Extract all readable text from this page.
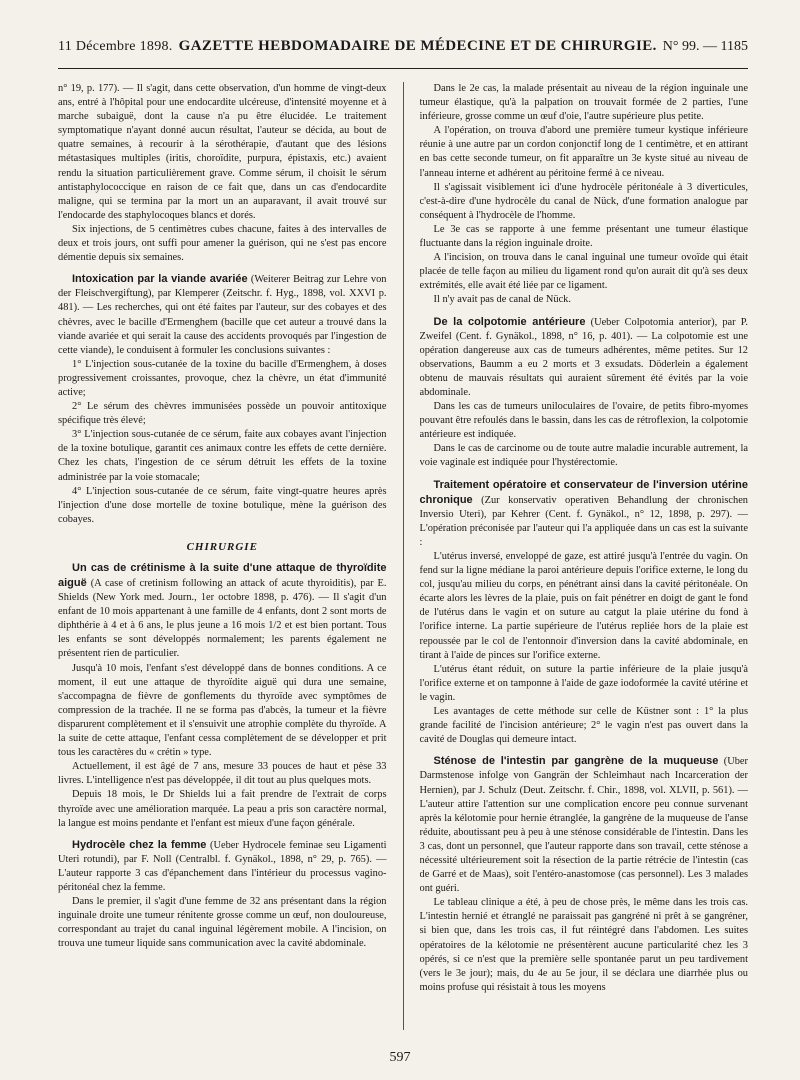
11 Décembre 1898. GAZETTE HEBDOMADAIRE DE MÉDECINE ET DE CHIRURGIE. N° 99. — 1185

n° 19, p. 177). — Il s'agit, dans cette observation, d'un homme de vingt-deux ans, entré à l'hôpital pour une endocardite ulcéreuse, d'intensité moyenne et à marche subaiguë, dont la cause n'a pu être élucidée. Le traitement symptomatique n'ayant donné aucun résultat, l'auteur se décida, au bout de quatre semaines, à recourir à la sérothérapie, d'autant que des lésions métastasiques multiples (iritis, choroïdite, purpura, épistaxis, etc.) avaient rendu la situation particulièrement grave. Comme sérum, il choisit le sérum antistaphylococcique en raison de ce fait que, dans un cas d'endocardite maligne, qui se termina par la mort un an auparavant, il avait trouvé sur l'endocarde des staphylocoques blancs et dorés.

Six injections, de 5 centimètres cubes chacune, faites à des intervalles de deux et trois jours, ont suffi pour amener la guérison, qui ne s'est pas encore démentie depuis six semaines.

Intoxication par la viande avariée (Weiterer Beitrag zur Lehre von der Fleischvergiftung), par Klemperer (Zeitschr. f. Hyg., 1898, vol. XXVI p. 481). — Les recherches, qui ont été faites par l'auteur, sur des cobayes et des chèvres, avec le bacille d'Ermenghem (bacille que cet auteur a trouvé dans la viande avariée et qui serait la cause des accidents provoqués par l'ingestion de cette viande), le conduisent à formuler les conclusions suivantes :

1° L'injection sous-cutanée de la toxine du bacille d'Ermenghem, à doses progressivement croissantes, provoque, chez la chèvre, un état d'immunité active;

2° Le sérum des chèvres immunisées possède un pouvoir antitoxique spécifique très élevé;

3° L'injection sous-cutanée de ce sérum, faite aux cobayes avant l'injection de la toxine botulique, garantit ces animaux contre les effets de cette dernière. Chez les chats, l'ingestion de ce sérum détruit les effets de la toxine administrée par la voie stomacale;

4° L'injection sous-cutanée de ce sérum, faite vingt-quatre heures après l'injection d'une dose mortelle de toxine botulique, mène la guérison des cobayes.

CHIRURGIE

Un cas de crétinisme à la suite d'une attaque de thyroïdite aiguë (A case of cretinism following an attack of acute thyroiditis), par E. Shields (New York med. Journ., 1er octobre 1898, p. 476). — Il s'agit d'un enfant de 10 mois appartenant à une famille de 4 enfants, dont 2 sont morts de diphthérie à 4 et à 6 ans, le plus jeune a 16 mois 1/2 et est bien portant. Tous les enfants se sont développés normalement; les parents également ne présentent rien de particulier.

Jusqu'à 10 mois, l'enfant s'est développé dans de bonnes conditions. A ce moment, il eut une attaque de thyroïdite aiguë qui dura une semaine, s'accompagna de fièvre de gonflements du thyroïde avec symptômes de compression de la trachée. Il ne se forma pas d'abcès, la tumeur et la fièvre disparurent complètement et il s'ensuivit une atrophie complète du thyroïde. A la suite de cette attaque, l'enfant cessa complètement de se développer et prit tous les caractères du « crétin » type.

Actuellement, il est âgé de 7 ans, mesure 33 pouces de haut et pèse 33 livres. L'intelligence n'est pas développée, il dit tout au plus quelques mots.

Depuis 18 mois, le Dr Shields lui a fait prendre de l'extrait de corps thyroïde avec une amélioration marquée. La peau a pris son caractère normal, la langue est moins pendante et l'enfant est mieux d'une façon générale.

Hydrocèle chez la femme (Ueber Hydrocele feminae seu Ligamenti Uteri rotundi), par F. Noll (Centralbl. f. Gynäkol., 1898, n° 29, p. 765). — L'auteur rapporte 3 cas d'épanchement dans l'intérieur du processus vagino-péritonéal chez la femme.

Dans le premier, il s'agit d'une femme de 32 ans présentant dans la région inguinale droite une tumeur rénitente grosse comme un œuf, non douloureuse, correspondant au trajet du canal inguinal légèrement mobile. A l'incision, on trouva une tumeur liquide sans communication avec la cavité abdominale.

Dans le 2e cas, la malade présentait au niveau de la région inguinale une tumeur élastique, qu'à la palpation on trouvait formée de 2 parties, l'une inférieure, grosse comme un œuf d'oie, l'autre supérieure plus petite.

A l'opération, on trouva d'abord une première tumeur kystique inférieure réunie à une autre par un cordon conjonctif long de 1 centimètre, et en attirant en bas cette seconde tumeur, on fit apparaître un 3e kyste situé au niveau de l'anneau interne et adhérent au péritoine fermé à ce niveau.

Il s'agissait visiblement ici d'une hydrocèle péritonéale à 3 diverticules, c'est-à-dire d'une hydrocèle du canal de Nück, d'une formation analogue par conséquent à l'hydrocèle de l'homme.

Le 3e cas se rapporte à une femme présentant une tumeur élastique fluctuante dans la région inguinale droite.

A l'incision, on trouva dans le canal inguinal une tumeur ovoïde qui était placée de telle façon au milieu du ligament rond qu'on aurait dit qu'à ses deux extrémités, elle avait été liée par ce ligament.

Il n'y avait pas de canal de Nück.

De la colpotomie antérieure (Ueber Colpotomia anterior), par P. Zweifel (Cent. f. Gynäkol., 1898, n° 16, p. 401). — La colpotomie est une opération dangereuse aux cas de tumeurs adhérentes, même petites. Sur 12 observations, Baumm a eu 2 morts et 3 exsudats. Döderlein a également obtenu de mauvais résultats qui auraient sûrement été évités par la voie abdominale.

Dans les cas de tumeurs uniloculaires de l'ovaire, de petits fibro-myomes pouvant être refoulés dans le bassin, dans les cas de rétroflexion, la colpotomie antérieure est indiquée.

Dans le cas de carcinome ou de toute autre maladie incurable autrement, la voie vaginale est indiquée pour l'hystérectomie.

Traitement opératoire et conservateur de l'inversion utérine chronique (Zur konservativ operativen Behandlung der chronischen Inversio Uteri), par Kehrer (Cent. f. Gynäkol., n° 12, 1898, p. 297). — L'opération préconisée par l'auteur qui l'a appliquée dans un cas est la suivante :

L'utérus inversé, enveloppé de gaze, est attiré jusqu'à l'entrée du vagin. On fend sur la ligne médiane la paroi antérieure depuis l'orifice externe, le long du col, jusqu'au milieu du corps, en pénétrant ainsi dans la cavité péritonéale. On écarte alors les lèvres de la plaie, puis on fait pénétrer en doigt de gant le fond de l'utérus dans le vagin et on suture au catgut la plaie utérine du fond à l'orifice interne. La partie supérieure de l'utérus repliée hors de la plaie est repoussée par le col de l'entonnoir d'inversion dans la cavité abdominale, en tirant à l'aide de pinces sur l'orifice externe.

L'utérus étant réduit, on suture la partie inférieure de la plaie jusqu'à l'orifice externe et on tamponne à l'aide de gaze iodoformée la cavité utérine et le vagin.

Les avantages de cette méthode sur celle de Küstner sont : 1° la plus grande facilité de l'incision antérieure; 2° le vagin n'est pas ouvert dans la cavité de Douglas qui demeure intact.

Sténose de l'intestin par gangrène de la muqueuse (Uber Darmstenose infolge von Gangrän der Schleimhaut nach Incarceration der Hernien), par J. Schulz (Deut. Zeitschr. f. Chir., 1898, vol. XLVII, p. 561). — L'auteur attire l'attention sur une complication encore peu connue survenant après la kélotomie pour hernie étranglée, la gangrène de la muqueuse de l'anse réduite, aboutissant peu à peu à une sténose considérable de l'intestin. Dans les 3 cas, dont un personnel, que l'auteur rapporte dans son travail, cette sténose a nécessité ultérieurement soit la résection de la partie rétrécie de l'intestin (cas de Garré et de Maas), soit l'entéro-anastomose (cas personnel). Les 3 malades ont guéri.

Le tableau clinique a été, à peu de chose près, le même dans les trois cas. L'intestin hernié et étranglé ne paraissait pas gangréné ni prêt à se gangréner, si bien que, dans les trois cas, il fut réintégré dans l'abdomen. Les suites opératoires de la kélotomie ne présentèrent aucune particularité chez les 3 opérés, si ce n'est que la première selle spontanée parut un peu tardivement (vers le 3e jour); mais, du 4e au 5e jour, il se déclara une diarrhée plus ou moins profuse qui résistait à tous les moyens

597
